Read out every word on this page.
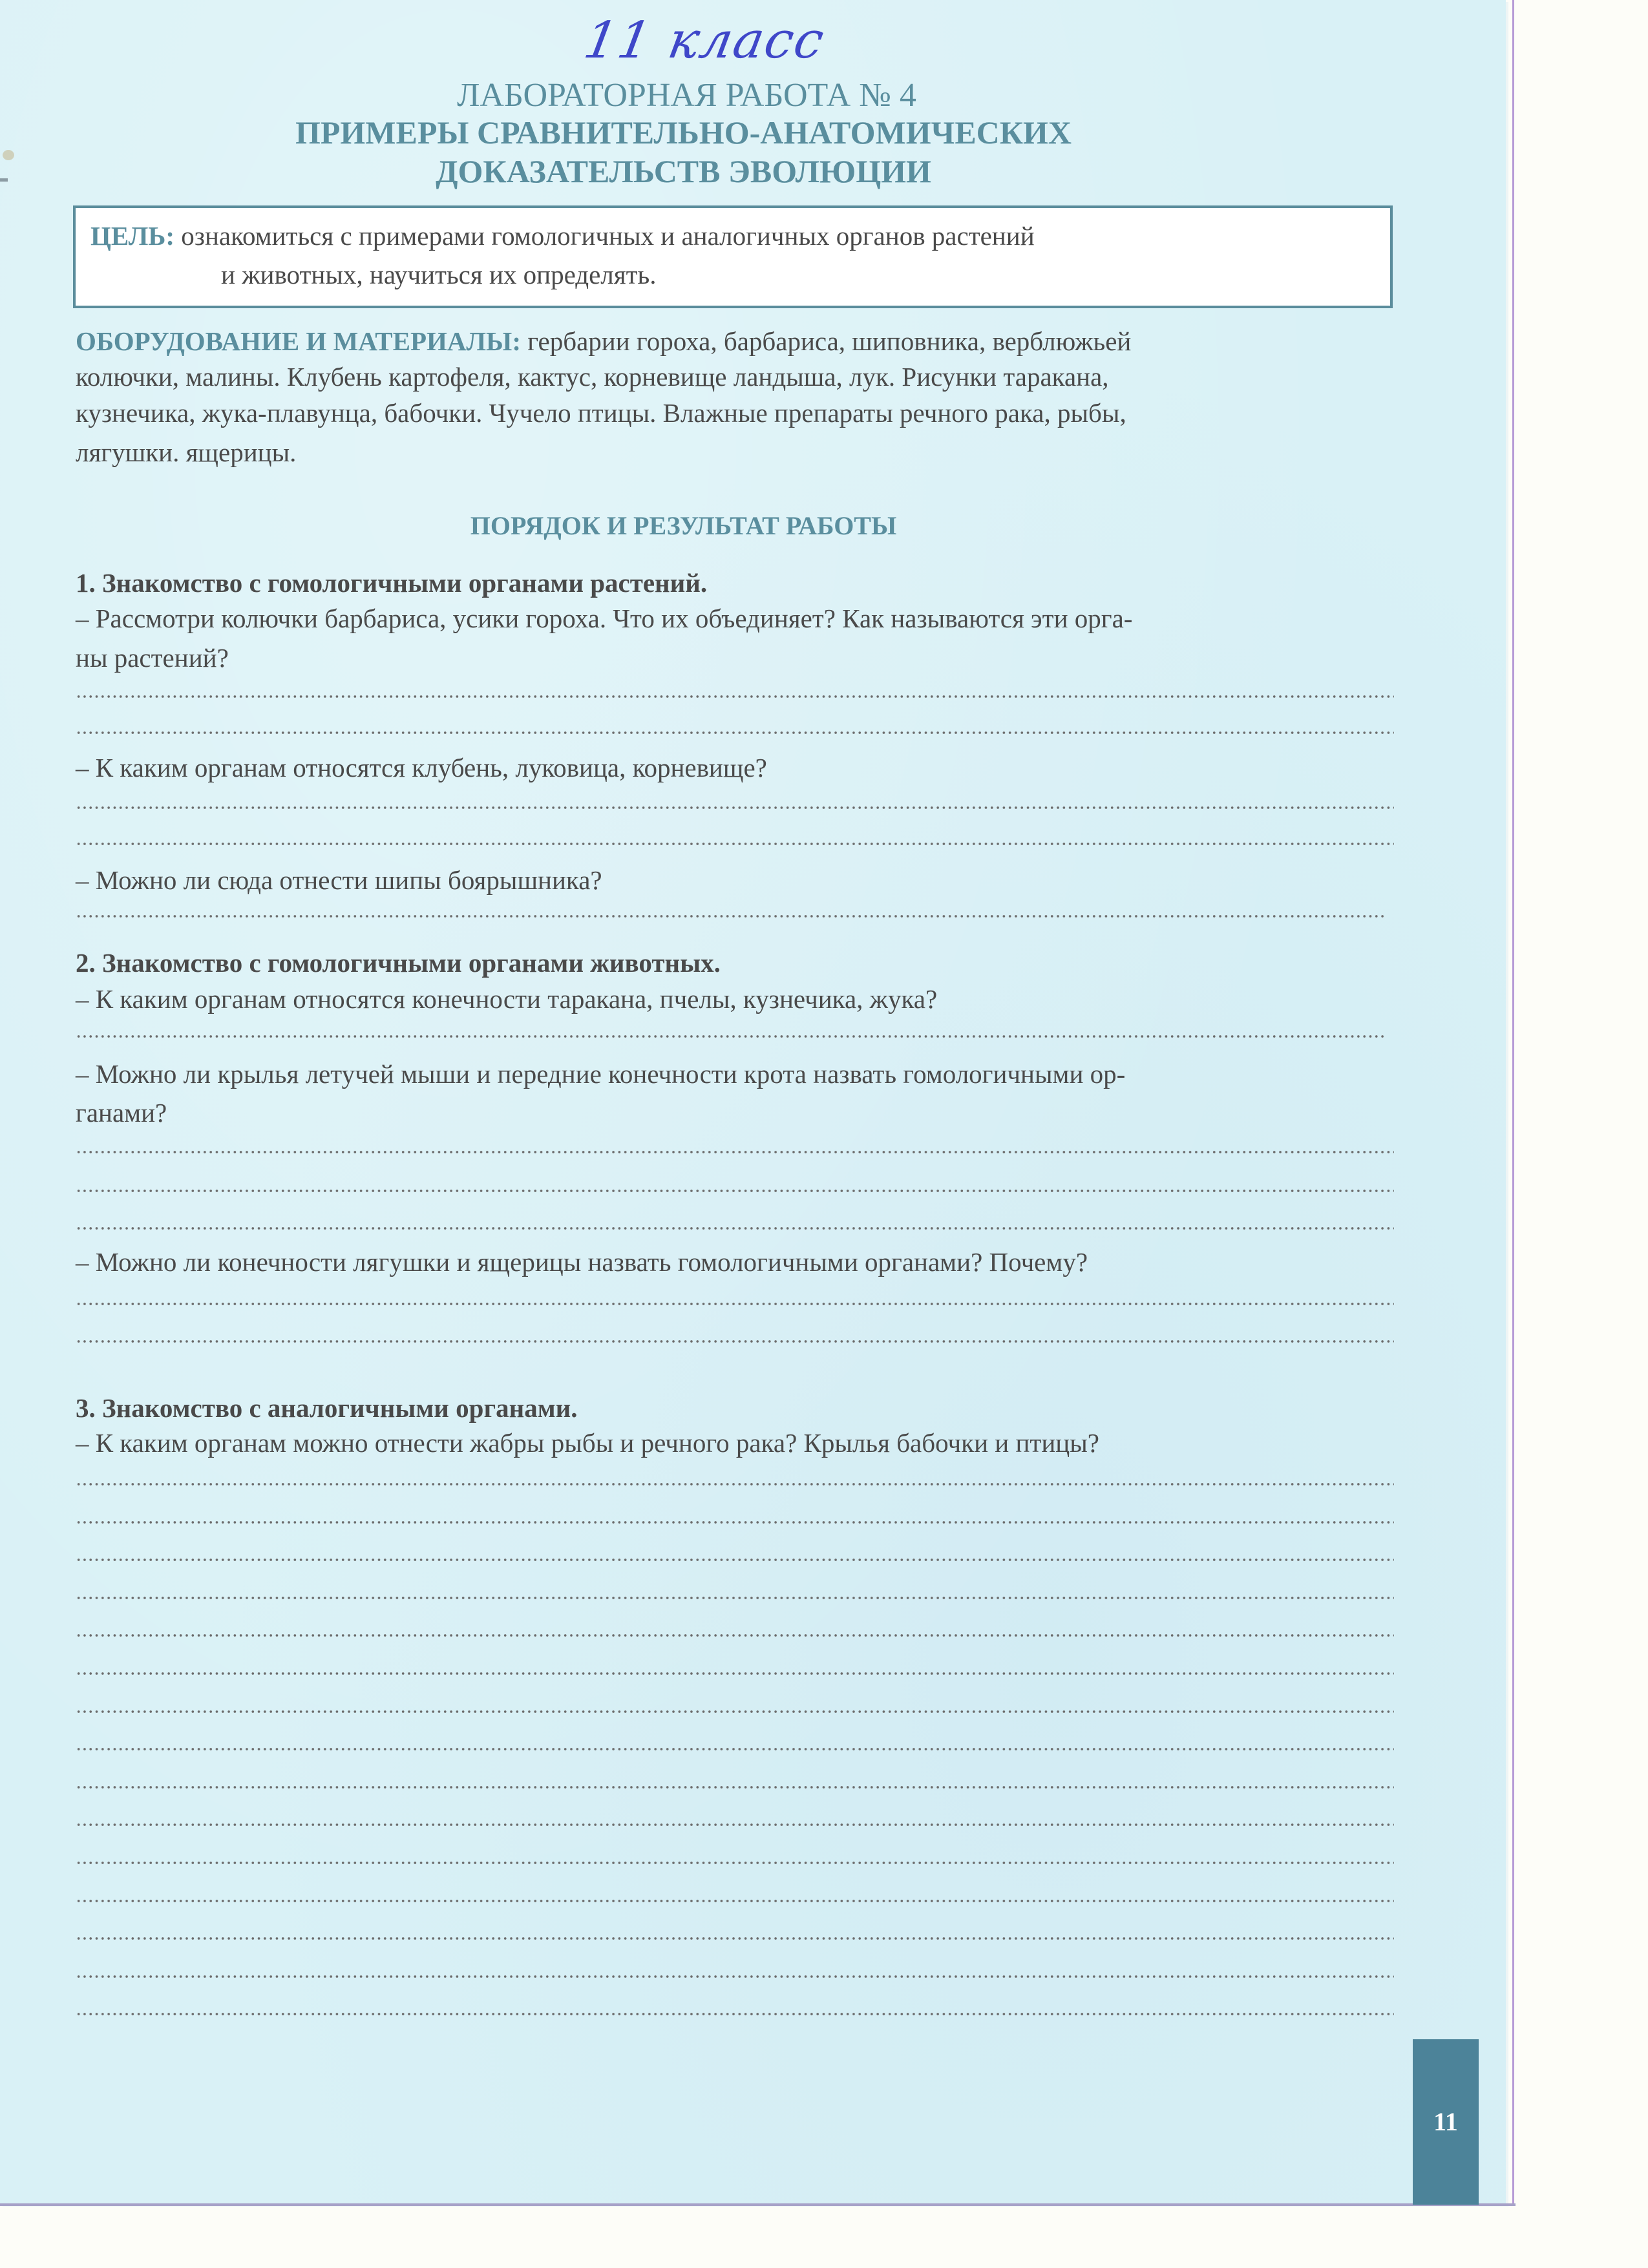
11 класс
ЛАБОРАТОРНАЯ РАБОТА № 4
ПРИМЕРЫ СРАВНИТЕЛЬНО-АНАТОМИЧЕСКИХ
ДОКАЗАТЕЛЬСТВ ЭВОЛЮЦИИ
ЦЕЛЬ: ознакомиться с примерами гомологичных и аналогичных органов растений
и животных, научиться их определять.
ОБОРУДОВАНИЕ И МАТЕРИАЛЫ: гербарии гороха, барбариса, шиповника, верблюжьей
колючки, малины. Клубень картофеля, кактус, корневище ландыша, лук. Рисунки таракана,
кузнечика, жука-плавунца, бабочки. Чучело птицы. Влажные препараты речного рака, рыбы,
лягушки. ящерицы.
ПОРЯДОК И РЕЗУЛЬТАТ РАБОТЫ
1. Знакомство с гомологичными органами растений.
– Рассмотри колючки барбариса, усики гороха. Что их объединяет? Как называются эти орга-
ны растений?
– К каким органам относятся клубень, луковица, корневище?
– Можно ли сюда отнести шипы боярышника?
2. Знакомство с гомологичными органами животных.
– К каким органам относятся конечности таракана, пчелы, кузнечика, жука?
– Можно ли крылья летучей мыши и передние конечности крота назвать гомологичными ор-
ганами?
– Можно ли конечности лягушки и ящерицы назвать гомологичными органами? Почему?
3. Знакомство с аналогичными органами.
– К каким органам можно отнести жабры рыбы и речного рака? Крылья бабочки и птицы?
11
